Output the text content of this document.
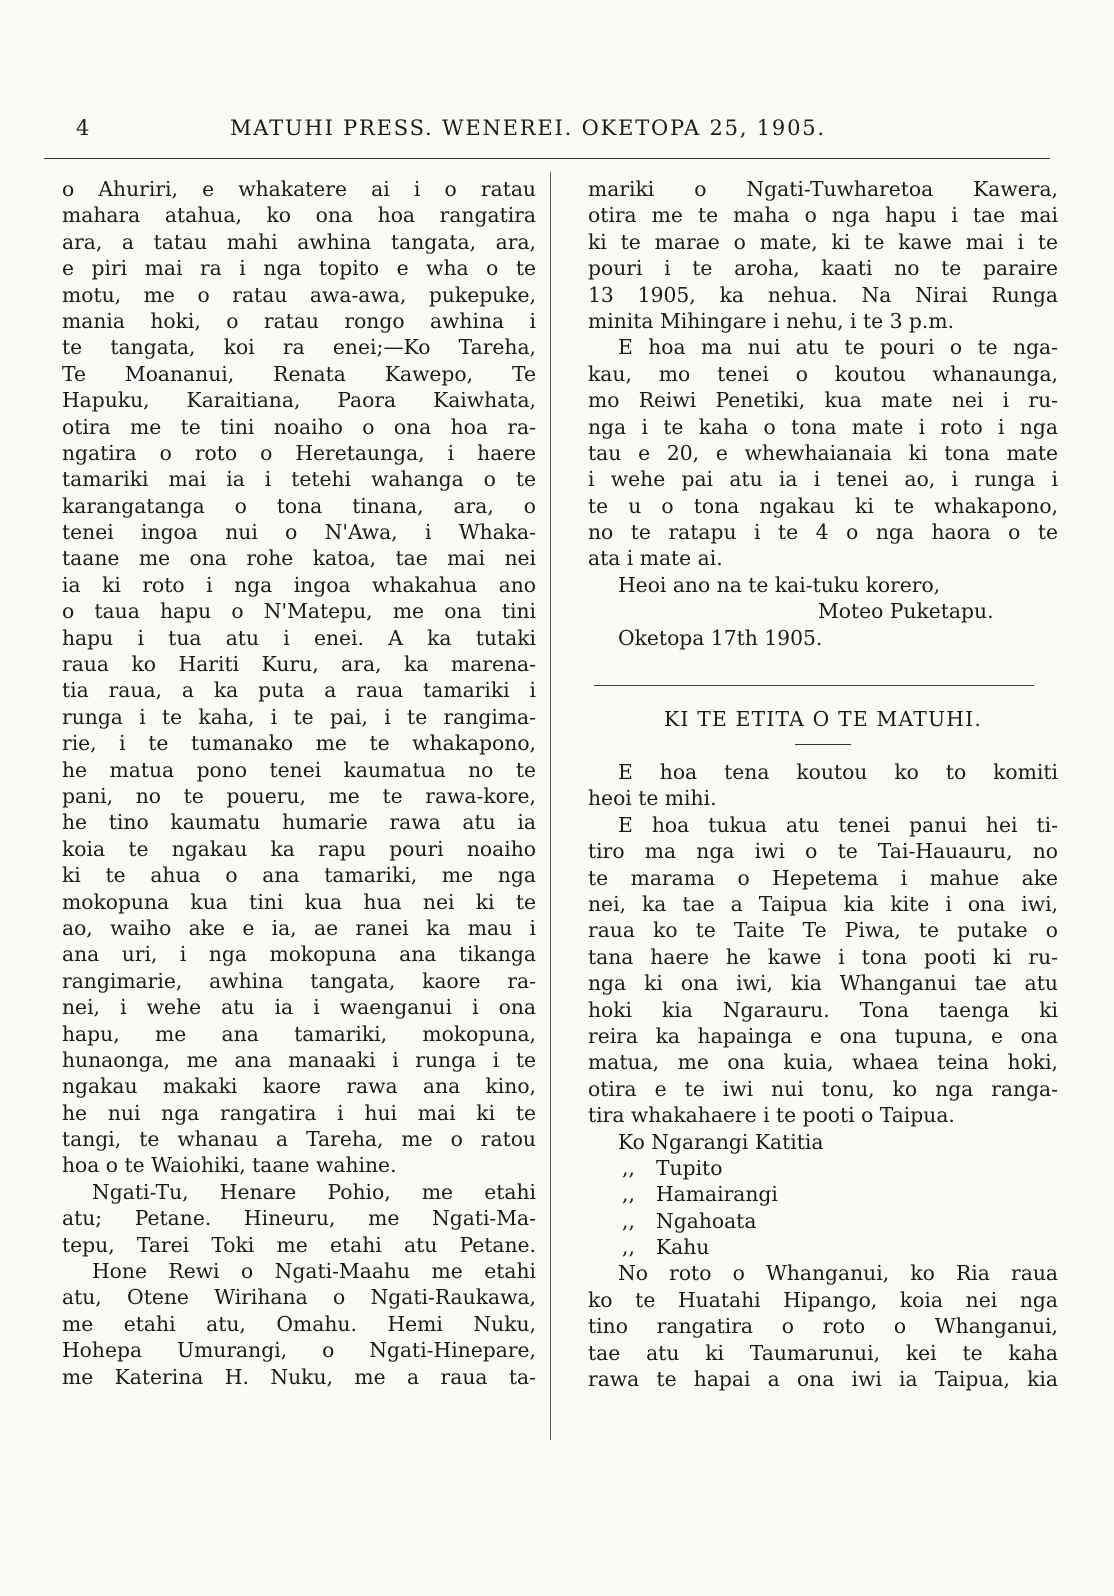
4	MATUHI PRESS. WENEREI. OKETOPA 25, 1905.
o Ahuriri, e whakatere ai i o ratau
mahara atahua, ko ona hoa rangatira
ara, a tatau mahi awhina tangata, ara,
e piri mai ra i nga topito e wha o te
motu, me o ratau awa-awa, pukepuke,
mania hoki, o ratau rongo awhina i
te tangata, koi ra enei;—Ko Tareha,
Te Moananui, Renata Kawepo, Te
Hapuku, Karaitiana, Paora Kaiwhata,
otira me te tini noaiho o ona hoa ra-
ngatira o roto o Heretaunga, i haere
tamariki mai ia i tetehi wahanga o te
karangatanga o tona tinana, ara, o
tenei ingoa nui o N'Awa, i Whaka-
taane me ona rohe katoa, tae mai nei
ia ki roto i nga ingoa whakahua ano
o taua hapu o N'Matepu, me ona tini
hapu i tua atu i enei. A ka tutaki
raua ko Hariti Kuru, ara, ka marena-
tia raua, a ka puta a raua tamariki i
runga i te kaha, i te pai, i te rangima-
rie, i te tumanako me te whakapono,
he matua pono tenei kaumatua no te
pani, no te poueru, me te rawa-kore,
he tino kaumatu humarie rawa atu ia
koia te ngakau ka rapu pouri noaiho
ki te ahua o ana tamariki, me nga
mokopuna kua tini kua hua nei ki te
ao, waiho ake e ia, ae ranei ka mau i
ana uri, i nga mokopuna ana tikanga
rangimarie, awhina tangata, kaore ra-
nei, i wehe atu ia i waenganui i ona
hapu, me ana tamariki, mokopuna,
hunaonga, me ana manaaki i runga i te
ngakau makaki kaore rawa ana kino,
he nui nga rangatira i hui mai ki te
tangi, te whanau a Tareha, me o ratou
hoa o te Waiohiki, taane wahine.
Ngati-Tu, Henare Pohio, me etahi
atu; Petane. Hineuru, me Ngati-Ma-
tepu, Tarei Toki me etahi atu Petane.
Hone Rewi o Ngati-Maahu me etahi
atu, Otene Wirihana o Ngati-Raukawa,
me etahi atu, Omahu. Hemi Nuku,
Hohepa Umurangi, o Ngati-Hinepare,
me Katerina H. Nuku, me a raua ta-
mariki o Ngati-Tuwharetoa Kawera,
otira me te maha o nga hapu i tae mai
ki te marae o mate, ki te kawe mai i te
pouri i te aroha, kaati no te paraire
13 1905, ka nehua. Na Nirai Runga
minita Mihingare i nehu, i te 3 p.m.
E hoa ma nui atu te pouri o te nga-
kau, mo tenei o koutou whanaunga,
mo Reiwi Penetiki, kua mate nei i ru-
nga i te kaha o tona mate i roto i nga
tau e 20, e whewhaianaia ki tona mate
i wehe pai atu ia i tenei ao, i runga i
te u o tona ngakau ki te whakapono,
no te ratapu i te 4 o nga haora o te
ata i mate ai.
Heoi ano na te kai-tuku korero,
Moteo Puketapu.
Oketopa 17th 1905.
KI TE ETITA O TE MATUHI.
E hoa tena koutou ko to komiti
heoi te mihi.
E hoa tukua atu tenei panui hei ti-
tiro ma nga iwi o te Tai-Hauauru, no
te marama o Hepetema i mahue ake
nei, ka tae a Taipua kia kite i ona iwi,
raua ko te Taite Te Piwa, te putake o
tana haere he kawe i tona pooti ki ru-
nga ki ona iwi, kia Whanganui tae atu
hoki kia Ngarauru. Tona taenga ki
reira ka hapainga e ona tupuna, e ona
matua, me ona kuia, whaea teina hoki,
otira e te iwi nui tonu, ko nga ranga-
tira whakahaere i te pooti o Taipua.
Ko Ngarangi Katitia
,, Tupito
,, Hamairangi
,, Ngahoata
,, Kahu
No roto o Whanganui, ko Ria raua
ko te Huatahi Hipango, koia nei nga
tino rangatira o roto o Whanganui,
tae atu ki Taumarunui, kei te kaha
rawa te hapai a ona iwi ia Taipua, kia
